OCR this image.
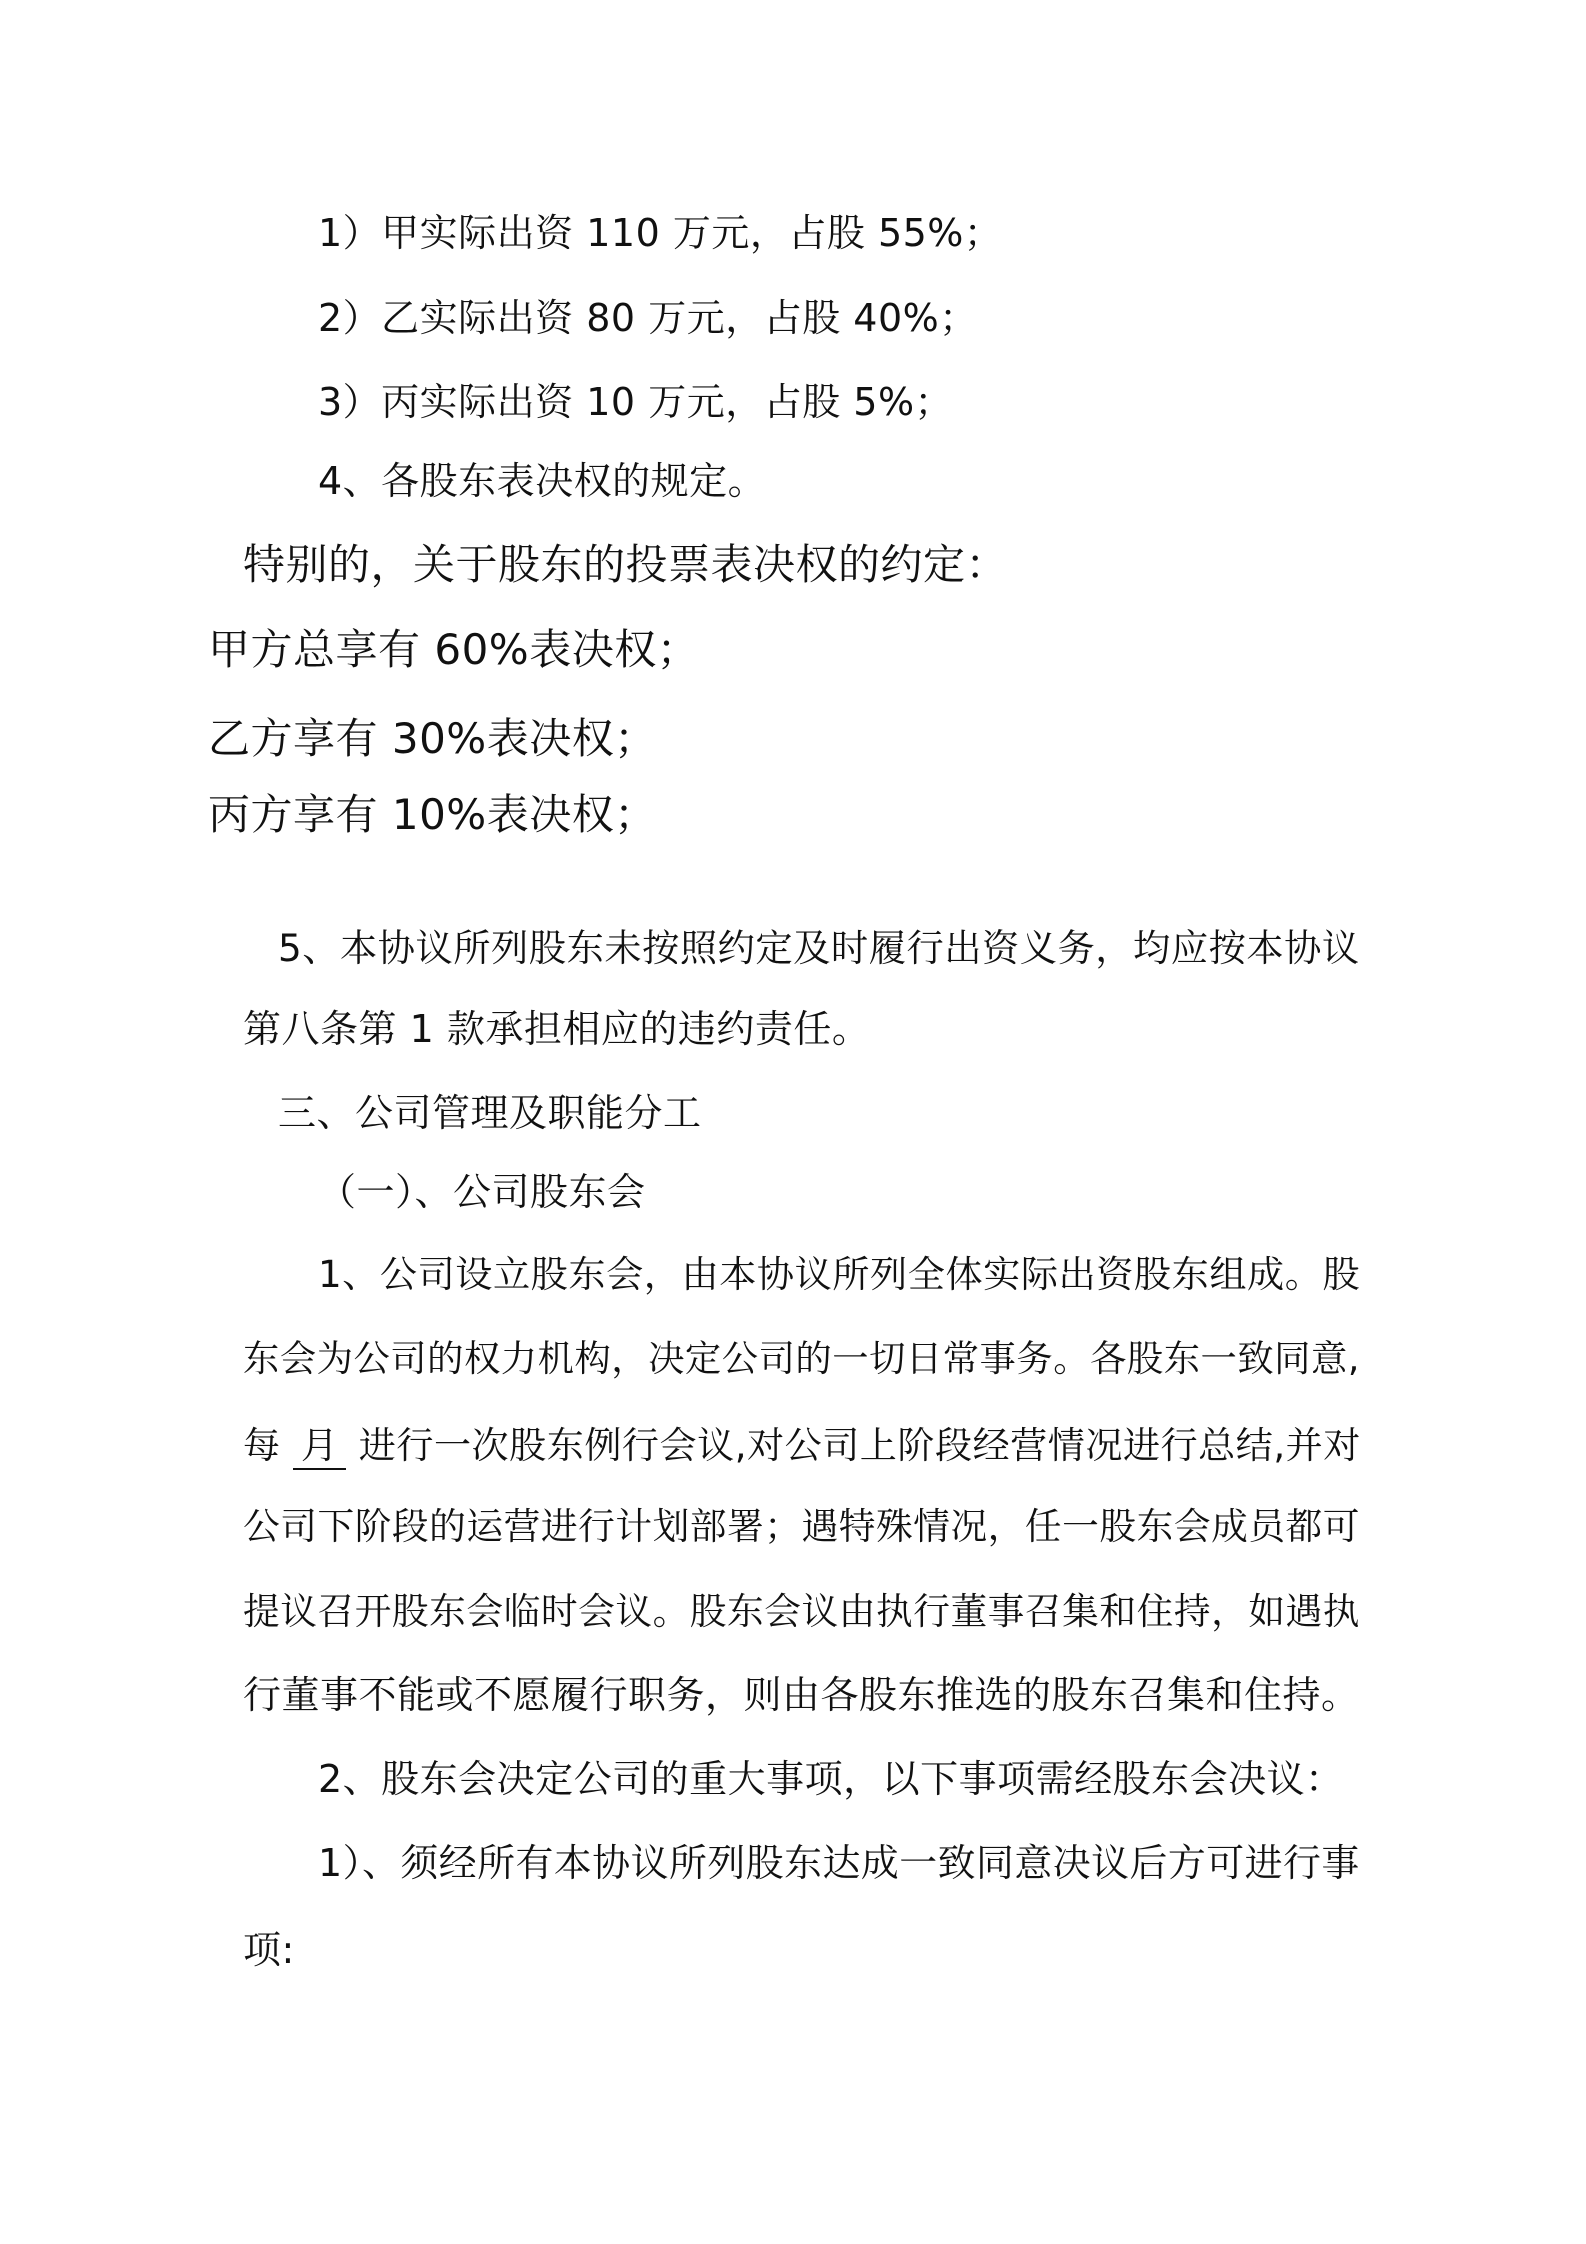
1）甲实际出资 110 万元，占股 55%；
2）乙实际出资 80 万元，占股 40%；
3）丙实际出资 10 万元，占股 5%；
4、各股东表决权的规定。
特别的，关于股东的投票表决权的约定：
甲方总享有 60%表决权；
乙方享有 30%表决权；
丙方享有 10%表决权；
5、本协议所列股东未按照约定及时履行出资义务，均应按本协议
第八条第 1 款承担相应的违约责任。
三、公司管理及职能分工
（一）、公司股东会
1、公司设立股东会，由本协议所列全体实际出资股东组成。股
东会为公司的权力机构，决定公司的一切日常事务。各股东一致同意,
每 月 进行一次股东例行会议,对公司上阶段经营情况进行总结,并对
公司下阶段的运营进行计划部署；遇特殊情况，任一股东会成员都可
提议召开股东会临时会议。股东会议由执行董事召集和住持，如遇执
行董事不能或不愿履行职务，则由各股东推选的股东召集和住持。
2、股东会决定公司的重大事项，以下事项需经股东会决议：
1）、须经所有本协议所列股东达成一致同意决议后方可进行事
项:
